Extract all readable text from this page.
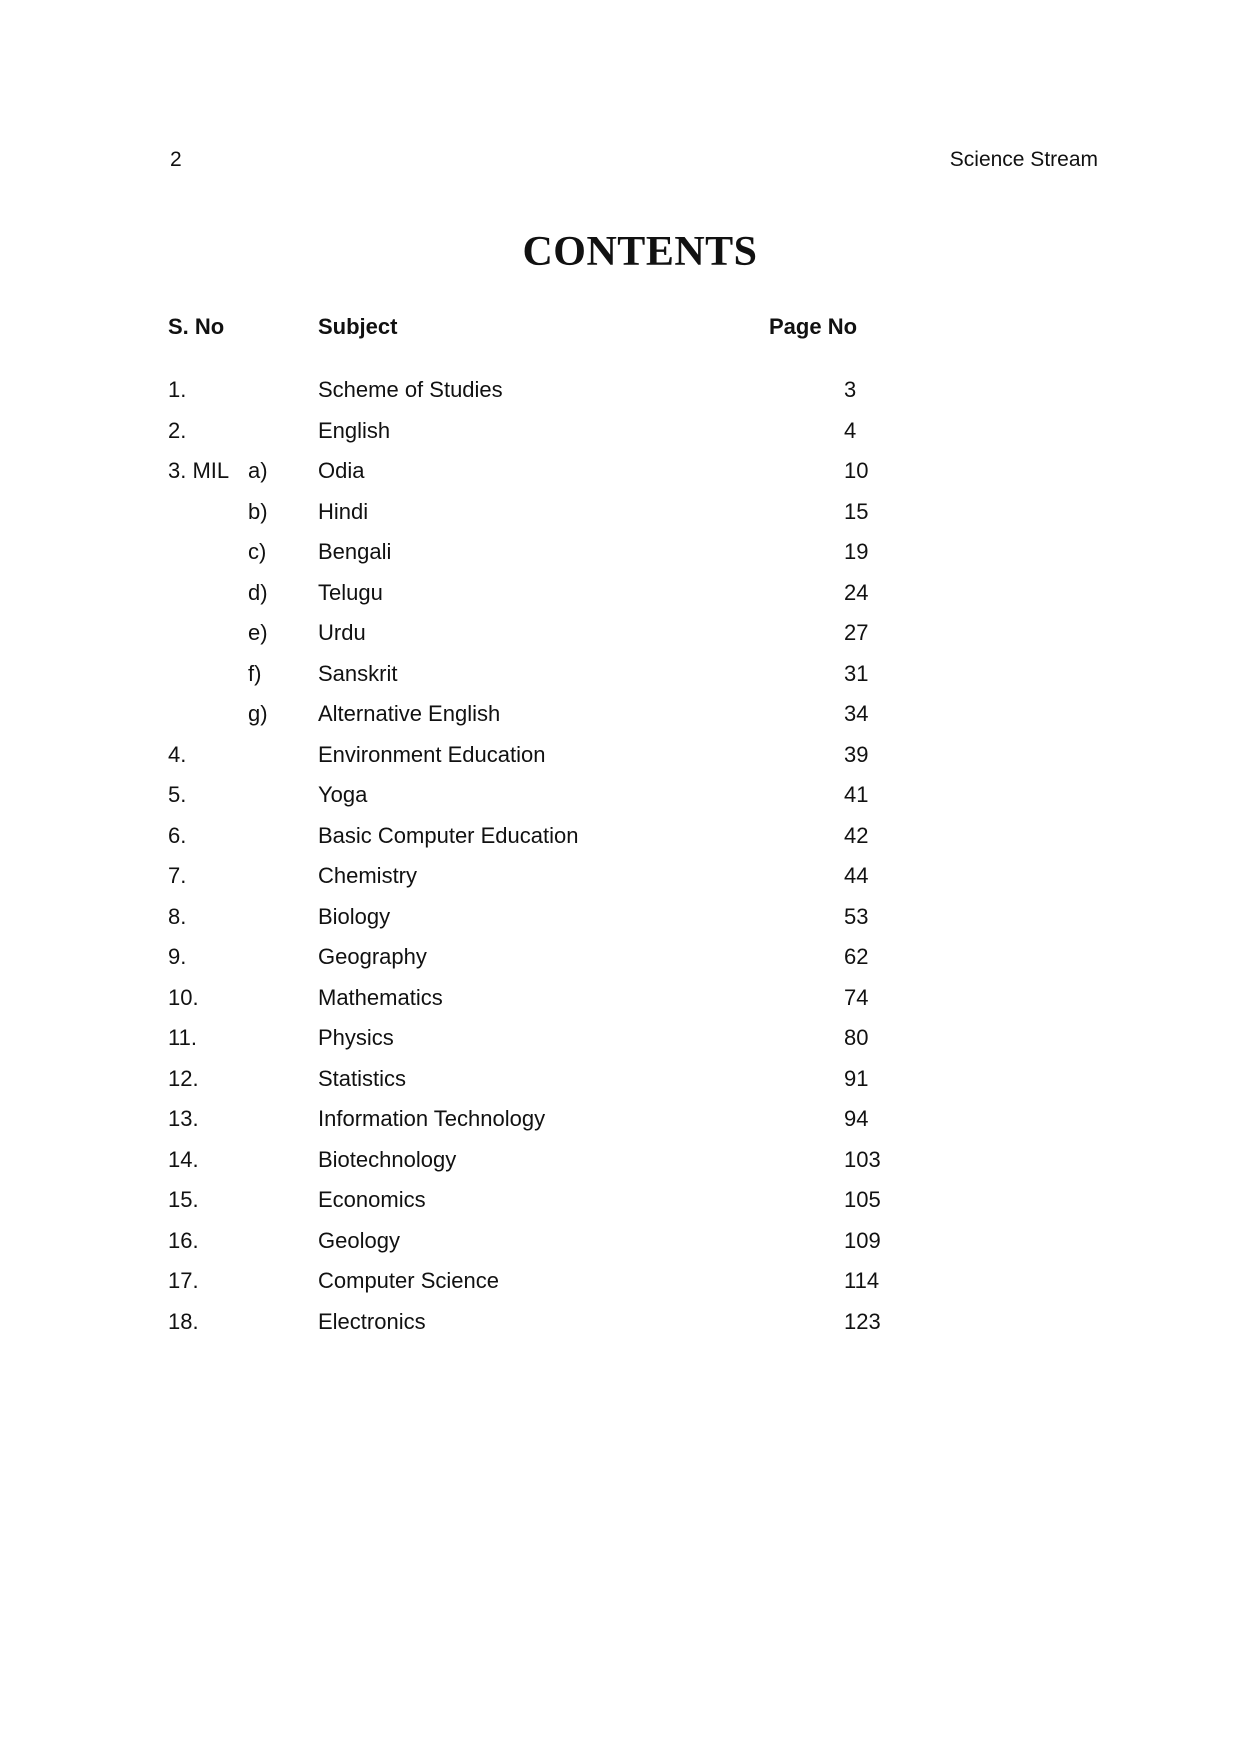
2	Science Stream
CONTENTS
S. No	Subject	Page No
1.	Scheme of Studies	3
2.	English	4
3. MIL a) Odia	10
b) Hindi	15
c) Bengali	19
d) Telugu	24
e) Urdu	27
f)	Sanskrit	31
g) Alternative English	34
4.	Environment Education	39
5.	Yoga	41
6.	Basic Computer Education	42
7.	Chemistry	44
8.	Biology	53
9.	Geography	62
10.	Mathematics	74
11.	Physics	80
12.	Statistics	91
13.	Information Technology	94
14.	Biotechnology	103
15.	Economics	105
16.	Geology	109
17.	Computer Science	114
18.	Electronics	123
